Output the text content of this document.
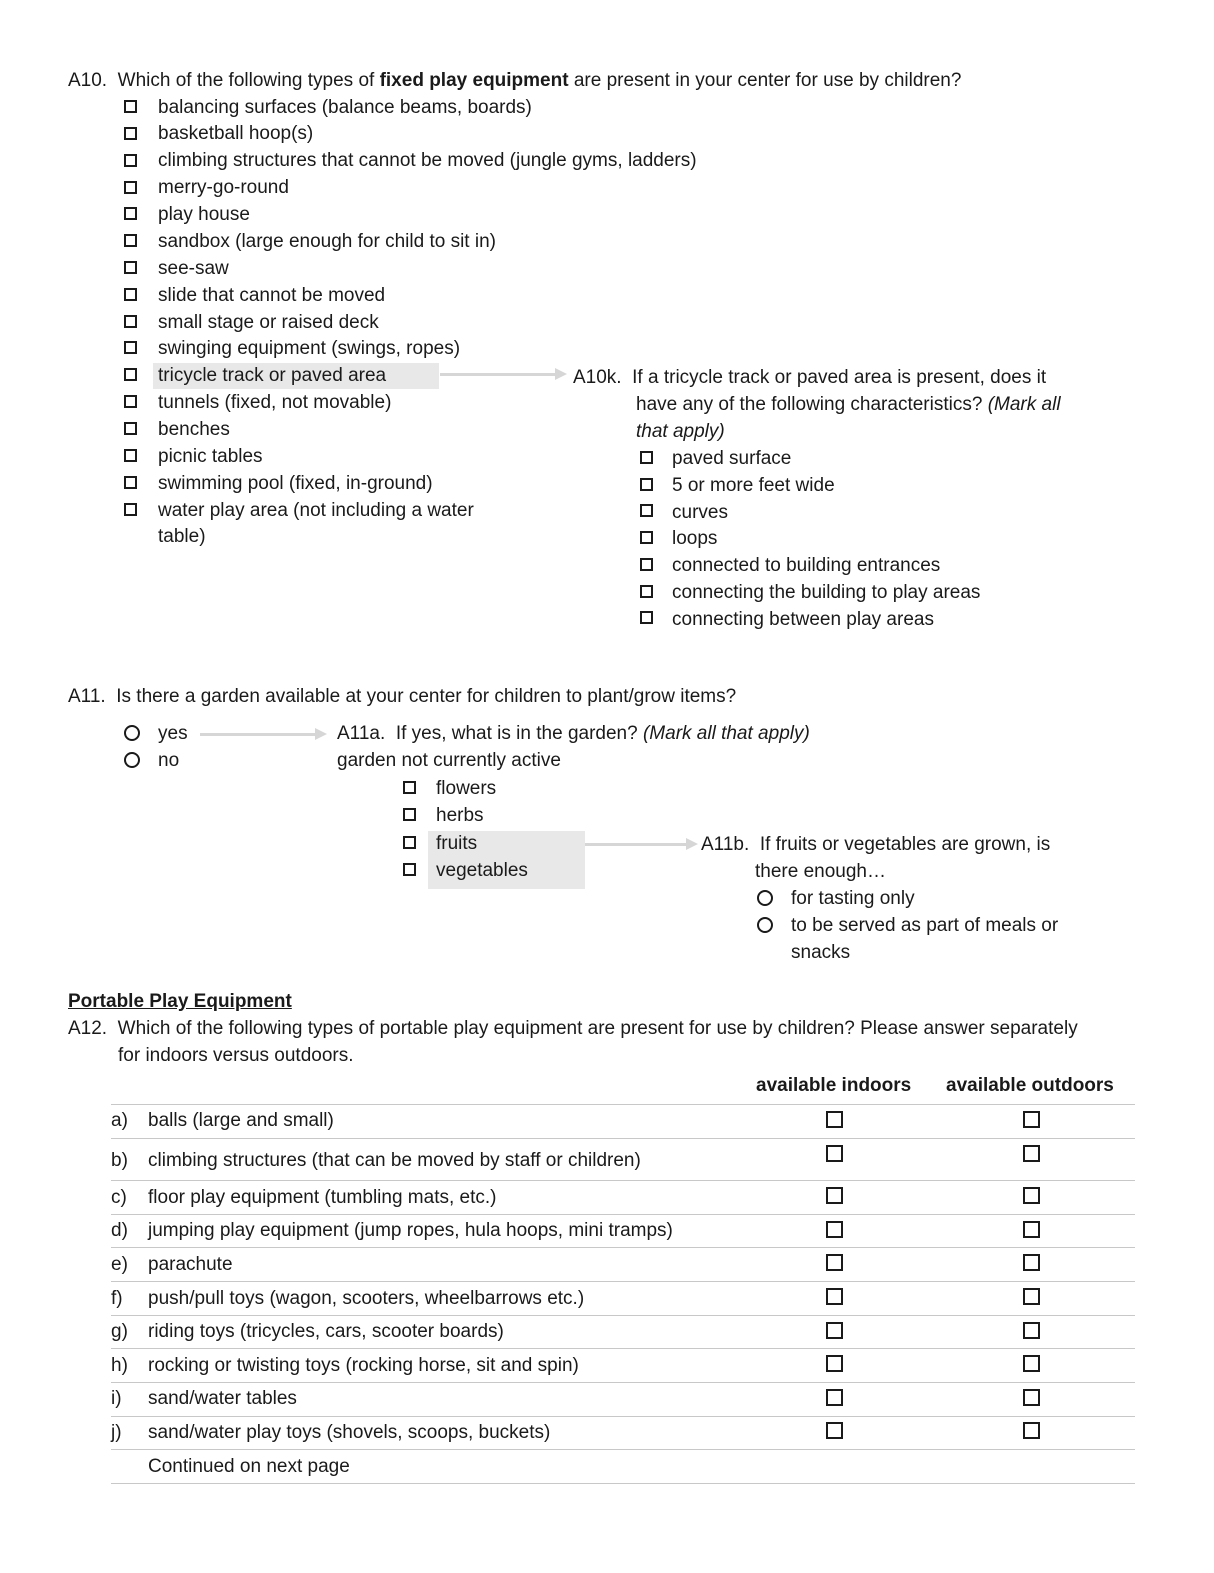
A10. Which of the following types of fixed play equipment are present in your center for use by children?
balancing surfaces (balance beams, boards)
basketball hoop(s)
climbing structures that cannot be moved (jungle gyms, ladders)
merry-go-round
play house
sandbox (large enough for child to sit in)
see-saw
slide that cannot be moved
small stage or raised deck
swinging equipment (swings, ropes)
tricycle track or paved area
tunnels (fixed, not movable)
benches
picnic tables
swimming pool (fixed, in-ground)
water play area (not including a water
table)
A10k. If a tricycle track or paved area is present, does it
have any of the following characteristics? (Mark all
that apply)
paved surface
5 or more feet wide
curves
loops
connected to building entrances
connecting the building to play areas
connecting between play areas
A11. Is there a garden available at your center for children to plant/grow items?
yes
no
A11a. If yes, what is in the garden? (Mark all that apply)
garden not currently active
flowers
herbs
fruits
vegetables
A11b. If fruits or vegetables are grown, is
there enough…
for tasting only
to be served as part of meals or
snacks
Portable Play Equipment
A12. Which of the following types of portable play equipment are present for use by children? Please answer separately
for indoors versus outdoors.
available indoors available outdoors
a) balls (large and small)
b) climbing structures (that can be moved by staff or children)
c) floor play equipment (tumbling mats, etc.)
d) jumping play equipment (jump ropes, hula hoops, mini tramps)
e) parachute
f) push/pull toys (wagon, scooters, wheelbarrows etc.)
g) riding toys (tricycles, cars, scooter boards)
h) rocking or twisting toys (rocking horse, sit and spin)
i) sand/water tables
j) sand/water play toys (shovels, scoops, buckets)
Continued on next page
